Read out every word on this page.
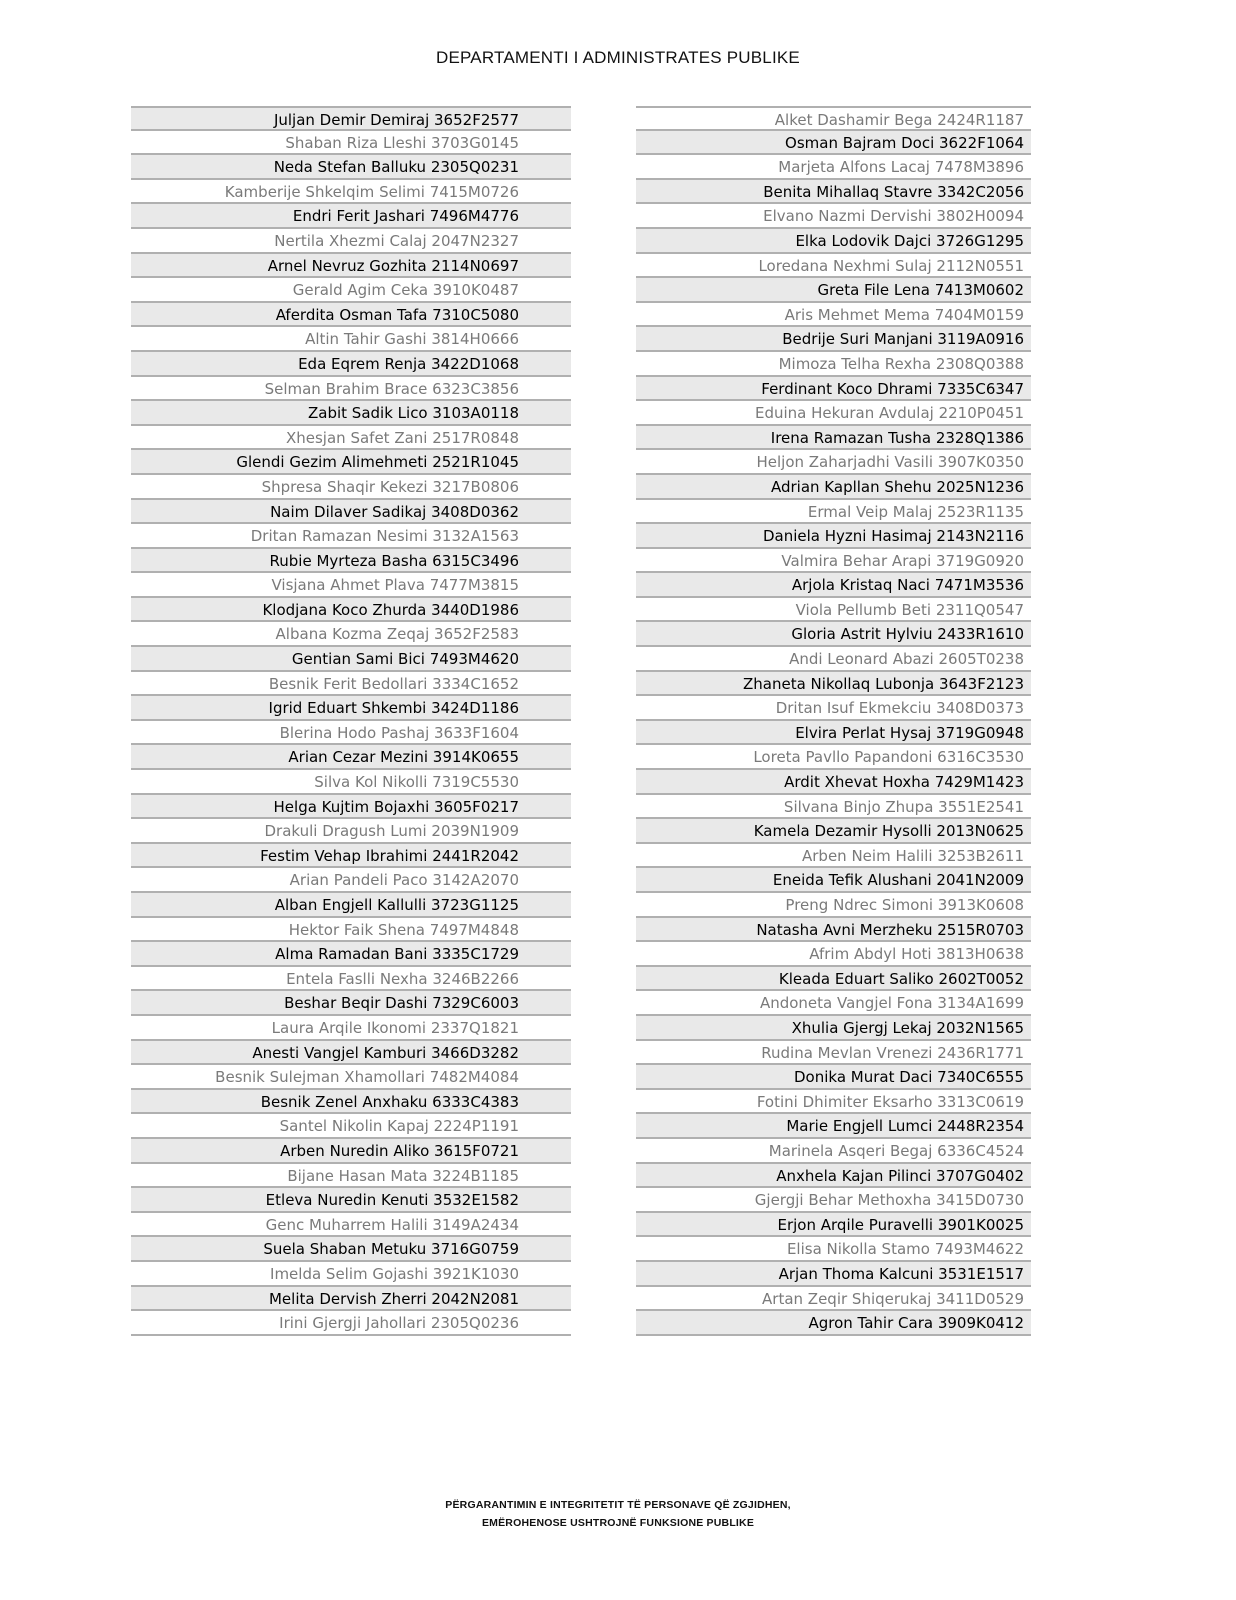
DEPARTAMENTI I ADMINISTRATES PUBLIKE
Juljan Demir Demiraj 3652F2577
Shaban Riza Lleshi 3703G0145
Neda Stefan Balluku 2305Q0231
Kamberije Shkelqim Selimi 7415M0726
Endri Ferit Jashari 7496M4776
Nertila Xhezmi Calaj 2047N2327
Arnel Nevruz Gozhita 2114N0697
Gerald Agim Ceka 3910K0487
Aferdita Osman Tafa 7310C5080
Altin Tahir Gashi 3814H0666
Eda Eqrem Renja 3422D1068
Selman Brahim Brace 6323C3856
Zabit Sadik Lico 3103A0118
Xhesjan Safet Zani 2517R0848
Glendi Gezim Alimehmeti 2521R1045
Shpresa Shaqir Kekezi 3217B0806
Naim Dilaver Sadikaj 3408D0362
Dritan Ramazan Nesimi 3132A1563
Rubie Myrteza Basha 6315C3496
Visjana Ahmet Plava 7477M3815
Klodjana Koco Zhurda 3440D1986
Albana Kozma Zeqaj 3652F2583
Gentian Sami Bici 7493M4620
Besnik Ferit Bedollari 3334C1652
Igrid Eduart Shkembi 3424D1186
Blerina Hodo Pashaj 3633F1604
Arian Cezar Mezini 3914K0655
Silva Kol Nikolli 7319C5530
Helga Kujtim Bojaxhi 3605F0217
Drakuli Dragush Lumi 2039N1909
Festim Vehap Ibrahimi 2441R2042
Arian Pandeli Paco 3142A2070
Alban Engjell Kallulli 3723G1125
Hektor Faik Shena 7497M4848
Alma Ramadan Bani 3335C1729
Entela Faslli Nexha 3246B2266
Beshar Beqir Dashi 7329C6003
Laura Arqile Ikonomi 2337Q1821
Anesti Vangjel Kamburi 3466D3282
Besnik Sulejman Xhamollari 7482M4084
Besnik Zenel Anxhaku 6333C4383
Santel Nikolin Kapaj 2224P1191
Arben Nuredin Aliko 3615F0721
Bijane Hasan Mata 3224B1185
Etleva Nuredin Kenuti 3532E1582
Genc Muharrem Halili 3149A2434
Suela Shaban Metuku 3716G0759
Imelda Selim Gojashi 3921K1030
Melita Dervish Zherri 2042N2081
Irini Gjergji Jahollari 2305Q0236
Alket Dashamir Bega 2424R1187
Osman Bajram Doci 3622F1064
Marjeta Alfons Lacaj 7478M3896
Benita Mihallaq Stavre 3342C2056
Elvano Nazmi Dervishi 3802H0094
Elka Lodovik Dajci 3726G1295
Loredana Nexhmi Sulaj 2112N0551
Greta File Lena 7413M0602
Aris Mehmet Mema 7404M0159
Bedrije Suri Manjani 3119A0916
Mimoza Telha Rexha 2308Q0388
Ferdinant Koco Dhrami 7335C6347
Eduina Hekuran Avdulaj 2210P0451
Irena Ramazan Tusha 2328Q1386
Heljon Zaharjadhi Vasili 3907K0350
Adrian Kapllan Shehu 2025N1236
Ermal Veip Malaj 2523R1135
Daniela Hyzni Hasimaj 2143N2116
Valmira Behar Arapi 3719G0920
Arjola Kristaq Naci 7471M3536
Viola Pellumb Beti 2311Q0547
Gloria Astrit Hylviu 2433R1610
Andi Leonard Abazi 2605T0238
Zhaneta Nikollaq Lubonja 3643F2123
Dritan Isuf Ekmekciu 3408D0373
Elvira Perlat Hysaj 3719G0948
Loreta Pavllo Papandoni 6316C3530
Ardit Xhevat Hoxha 7429M1423
Silvana Binjo Zhupa 3551E2541
Kamela Dezamir Hysolli 2013N0625
Arben Neim Halili 3253B2611
Eneida Tefik Alushani 2041N2009
Preng Ndrec Simoni 3913K0608
Natasha Avni Merzheku 2515R0703
Afrim Abdyl Hoti 3813H0638
Kleada Eduart Saliko 2602T0052
Andoneta Vangjel Fona 3134A1699
Xhulia Gjergj Lekaj 2032N1565
Rudina Mevlan Vrenezi 2436R1771
Donika Murat Daci 7340C6555
Fotini Dhimiter Eksarho 3313C0619
Marie Engjell Lumci 2448R2354
Marinela Asqeri Begaj 6336C4524
Anxhela Kajan Pilinci 3707G0402
Gjergji Behar Methoxha 3415D0730
Erjon Arqile Puravelli 3901K0025
Elisa Nikolla Stamo 7493M4622
Arjan Thoma Kalcuni 3531E1517
Artan Zeqir Shiqerukaj 3411D0529
Agron Tahir Cara 3909K0412
PËRGARANTIMIN E INTEGRITETIT TË PERSONAVE QË ZGJIDHEN,
EMËROHENOSE USHTROJNË FUNKSIONE PUBLIKE
